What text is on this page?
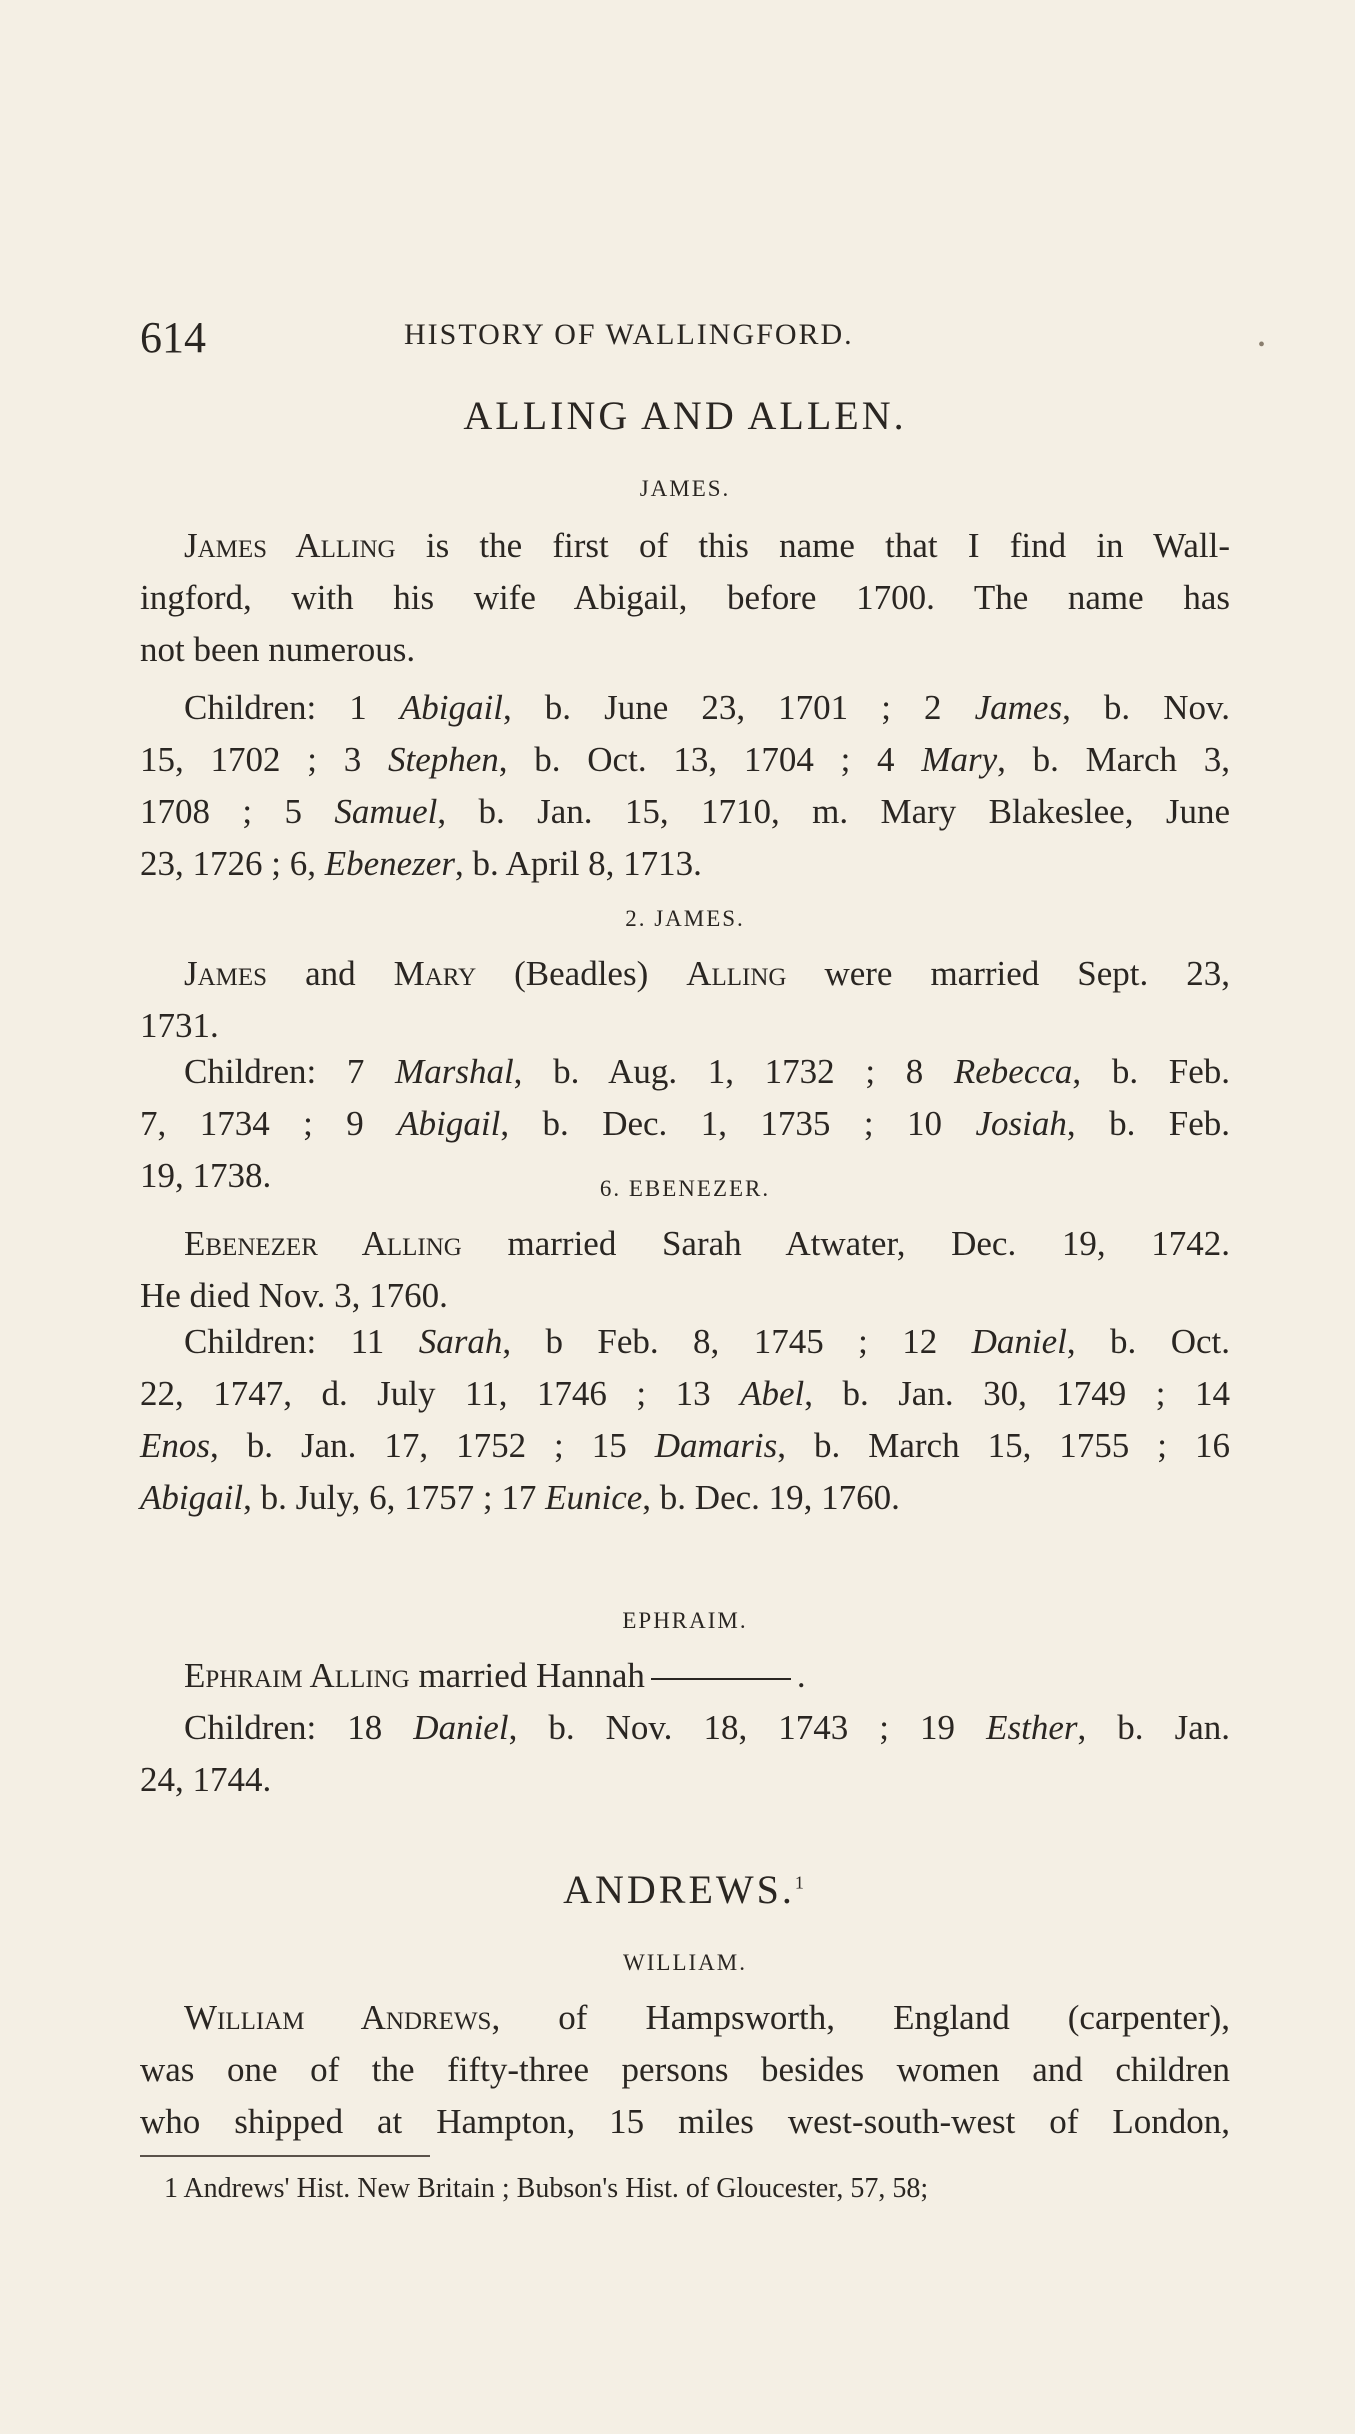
614	HISTORY OF WALLINGFORD.	•
ALLING AND ALLEN.
JAMES.
James Alling is the first of this name that I find in Wall-
ingford, with his wife Abigail, before 1700. The name has
not been numerous.
Children: 1 Abigail, b. June 23, 1701 ; 2 James, b. Nov.
15, 1702 ; 3 Stephen, b. Oct. 13, 1704 ; 4 Mary, b. March 3,
1708 ; 5 Samuel, b. Jan. 15, 1710, m. Mary Blakeslee, June
23, 1726 ; 6, Ebenezer, b. April 8, 1713.
2. JAMES.
James and Mary (Beadles) Alling were married Sept. 23,
1731.
Children: 7 Marshal, b. Aug. 1, 1732 ; 8 Rebecca, b. Feb.
7, 1734 ; 9 Abigail, b. Dec. 1, 1735 ; 10 Josiah, b. Feb.
19, 1738.	6. EBENEZER.
Ebenezer Alling married Sarah Atwater, Dec. 19, 1742.
He died Nov. 3, 1760.
Children: 11 Sarah, b Feb. 8, 1745 ; 12 Daniel, b. Oct.
22, 1747, d. July 11, 1746 ; 13 Abel, b. Jan. 30, 1749 ; 14
Enos, b. Jan. 17, 1752 ; 15 Damaris, b. March 15, 1755 ; 16
Abigail, b. July, 6, 1757 ; 17 Eunice, b. Dec. 19, 1760.
EPHRAIM.
Ephraim Alling married Hannah	.
Children: 18 Daniel, b. Nov. 18, 1743 ; 19 Esther, b. Jan.
24, 1744.
ANDREWS.$^1$
WILLIAM.
William Andrews, of Hampsworth, England (carpenter),
was one of the fifty-three persons besides women and children
who shipped at Hampton, 15 miles west-south-west of London,
1 Andrews' Hist. New Britain ; Bubson's Hist. of Gloucester, 57, 58;
